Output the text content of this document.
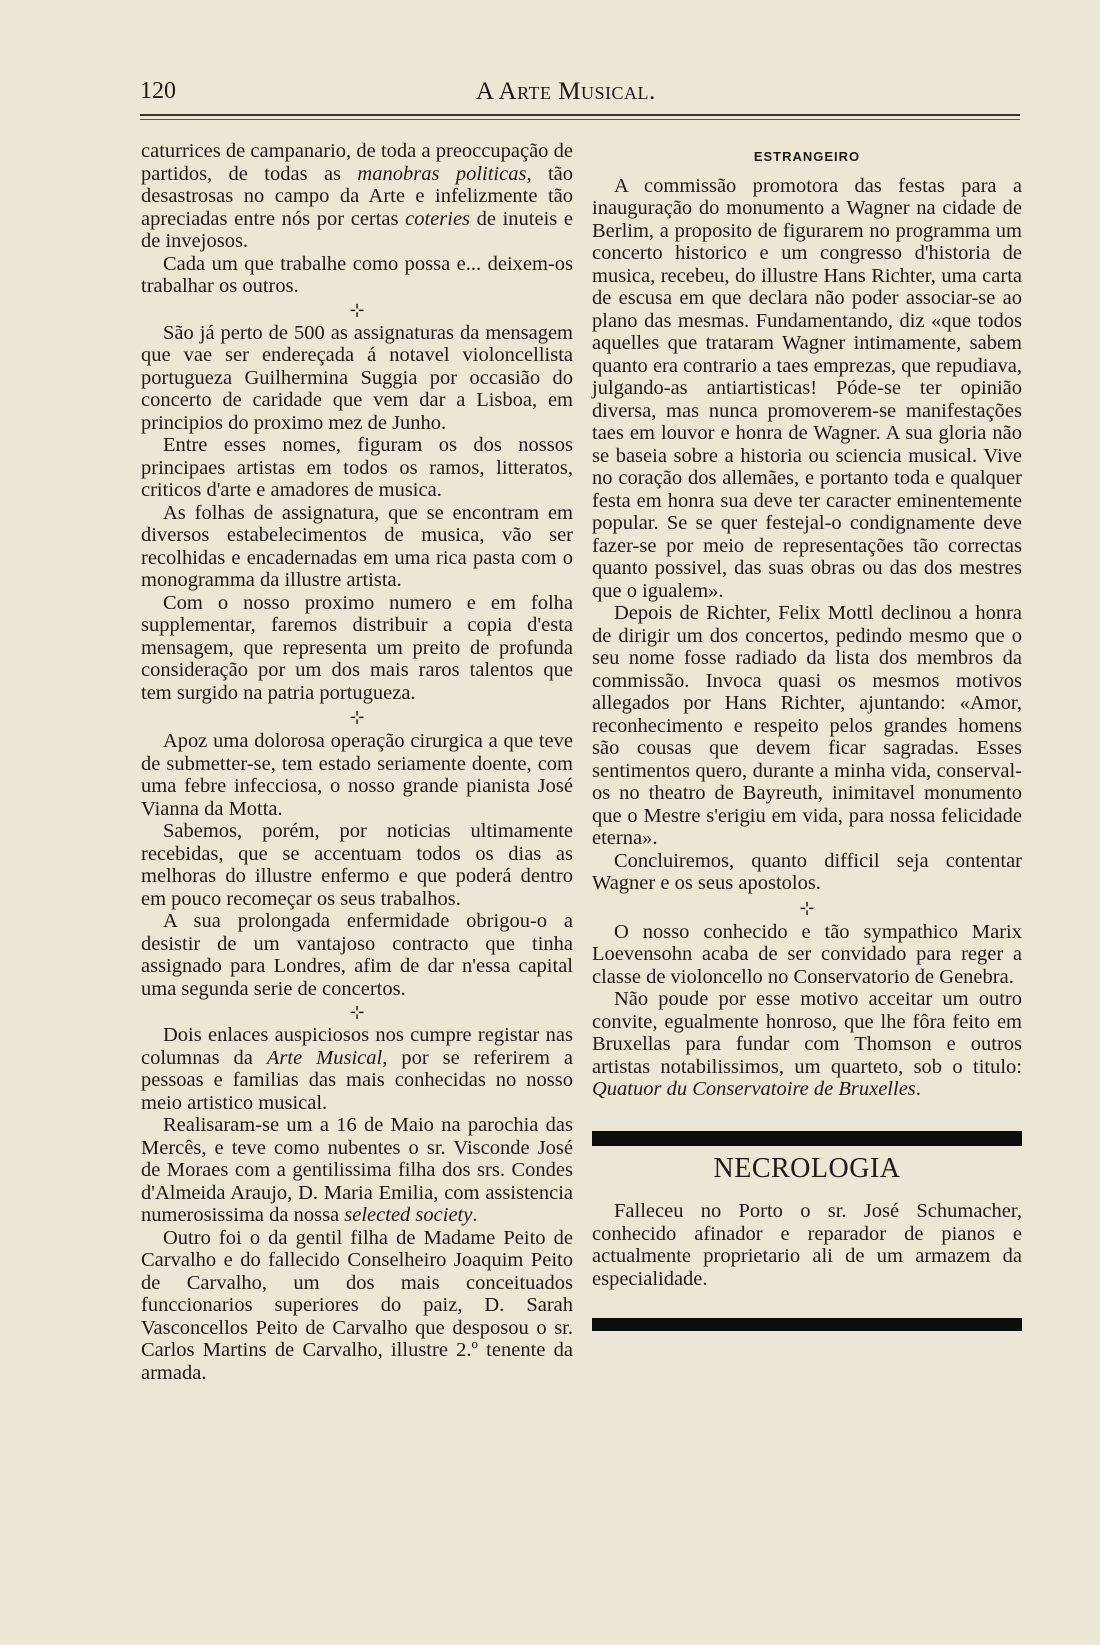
120	A Arte Musical.

caturrices de campanario, de toda a preoccupação de partidos, de todas as manobras politicas, tão desastrosas no campo da Arte e infelizmente tão apreciadas entre nós por certas coteries de inuteis e de invejosos.

Cada um que trabalhe como possa e... deixem-os trabalhar os outros.

⊹

São já perto de 500 as assignaturas da mensagem que vae ser endereçada á notavel violoncellista portugueza Guilhermina Suggia por occasião do concerto de caridade que vem dar a Lisboa, em principios do proximo mez de Junho.

Entre esses nomes, figuram os dos nossos principaes artistas em todos os ramos, litteratos, criticos d'arte e amadores de musica.

As folhas de assignatura, que se encontram em diversos estabelecimentos de musica, vão ser recolhidas e encadernadas em uma rica pasta com o monogramma da illustre artista.

Com o nosso proximo numero e em folha supplementar, faremos distribuir a copia d'esta mensagem, que representa um preito de profunda consideração por um dos mais raros talentos que tem surgido na patria portugueza.

⊹

Apoz uma dolorosa operação cirurgica a que teve de submetter-se, tem estado seriamente doente, com uma febre infecciosa, o nosso grande pianista José Vianna da Motta.

Sabemos, porém, por noticias ultimamente recebidas, que se accentuam todos os dias as melhoras do illustre enfermo e que poderá dentro em pouco recomeçar os seus trabalhos.

A sua prolongada enfermidade obrigou-o a desistir de um vantajoso contracto que tinha assignado para Londres, afim de dar n'essa capital uma segunda serie de concertos.

⊹

Dois enlaces auspiciosos nos cumpre registar nas columnas da Arte Musical, por se referirem a pessoas e familias das mais conhecidas no nosso meio artistico musical.

Realisaram-se um a 16 de Maio na parochia das Mercês, e teve como nubentes o sr. Visconde José de Moraes com a gentilissima filha dos srs. Condes d'Almeida Araujo, D. Maria Emilia, com assistencia numerosissima da nossa selected society.

Outro foi o da gentil filha de Madame Peito de Carvalho e do fallecido Conselheiro Joaquim Peito de Carvalho, um dos mais conceituados funccionarios superiores do paiz, D. Sarah Vasconcellos Peito de Carvalho que desposou o sr. Carlos Martins de Carvalho, illustre 2.º tenente da armada.

ESTRANGEIRO

A commissão promotora das festas para a inauguração do monumento a Wagner na cidade de Berlim, a proposito de figurarem no programma um concerto historico e um congresso d'historia de musica, recebeu, do illustre Hans Richter, uma carta de escusa em que declara não poder associar-se ao plano das mesmas. Fundamentando, diz «que todos aquelles que trataram Wagner intimamente, sabem quanto era contrario a taes emprezas, que repudiava, julgando-as antiartisticas! Póde-se ter opinião diversa, mas nunca promoverem-se manifestações taes em louvor e honra de Wagner. A sua gloria não se baseia sobre a historia ou sciencia musical. Vive no coração dos allemães, e portanto toda e qualquer festa em honra sua deve ter caracter eminentemente popular. Se se quer festejal-o condignamente deve fazer-se por meio de representações tão correctas quanto possivel, das suas obras ou das dos mestres que o igualem».

Depois de Richter, Felix Mottl declinou a honra de dirigir um dos concertos, pedindo mesmo que o seu nome fosse radiado da lista dos membros da commissão. Invoca quasi os mesmos motivos allegados por Hans Richter, ajuntando: «Amor, reconhecimento e respeito pelos grandes homens são cousas que devem ficar sagradas. Esses sentimentos quero, durante a minha vida, conserval-os no theatro de Bayreuth, inimitavel monumento que o Mestre s'erigiu em vida, para nossa felicidade eterna».

Concluiremos, quanto difficil seja contentar Wagner e os seus apostolos.

⊹

O nosso conhecido e tão sympathico Marix Loevensohn acaba de ser convidado para reger a classe de violoncello no Conservatorio de Genebra.

Não poude por esse motivo acceitar um outro convite, egualmente honroso, que lhe fôra feito em Bruxellas para fundar com Thomson e outros artistas notabilissimos, um quarteto, sob o titulo: Quatuor du Conservatoire de Bruxelles.

NECROLOGIA

Falleceu no Porto o sr. José Schumacher, conhecido afinador e reparador de pianos e actualmente proprietario ali de um armazem da especialidade.
